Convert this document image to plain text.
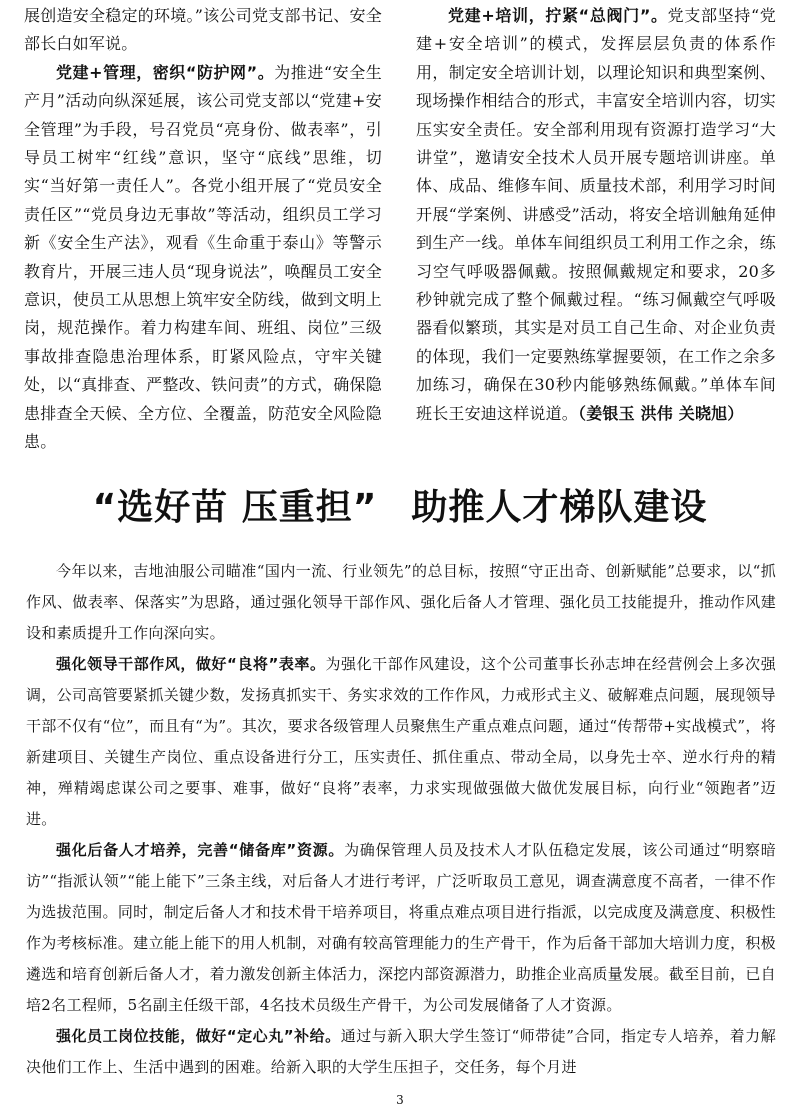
展创造安全稳定的环境。”该公司党支部书记、安全部长白如军说。

党建+管理，密织“防护网”。为推进“安全生产月”活动向纵深延展，该公司党支部以“党建+安全管理”为手段，号召党员“亮身份、做表率”，引导员工树牢“红线”意识，坚守“底线”思维，切实“当好第一责任人”。各党小组开展了“党员安全责任区”“党员身边无事故”等活动，组织员工学习新《安全生产法》，观看《生命重于泰山》等警示教育片，开展三违人员“现身说法”，唤醒员工安全意识，使员工从思想上筑牢安全防线，做到文明上岗，规范操作。着力构建车间、班组、岗位”三级事故排查隐患治理体系，盯紧风险点，守牢关键处，以“真排查、严整改、铁问责”的方式，确保隐患排查全天候、全方位、全覆盖，防范安全风险隐患。

党建+培训，拧紧“总阀门”。党支部坚持“党建+安全培训”的模式，发挥层层负责的体系作用，制定安全培训计划，以理论知识和典型案例、现场操作相结合的形式，丰富安全培训内容，切实压实安全责任。安全部利用现有资源打造学习“大讲堂”，邀请安全技术人员开展专题培训讲座。单体、成品、维修车间、质量技术部，利用学习时间开展“学案例、讲感受”活动，将安全培训触角延伸到生产一线。单体车间组织员工利用工作之余，练习空气呼吸器佩戴。按照佩戴规定和要求，20多秒钟就完成了整个佩戴过程。“练习佩戴空气呼吸器看似繁琐，其实是对员工自己生命、对企业负责的体现，我们一定要熟练掌握要领，在工作之余多加练习，确保在30秒内能够熟练佩戴。”单体车间班长王安迪这样说道。（姜银玉 洪伟 关晓旭）

“选好苗 压重担” 助推人才梯队建设

今年以来，吉地油服公司瞄准“国内一流、行业领先”的总目标，按照“守正出奇、创新赋能”总要求，以“抓作风、做表率、保落实”为思路，通过强化领导干部作风、强化后备人才管理、强化员工技能提升，推动作风建设和素质提升工作向深向实。

强化领导干部作风，做好“良将”表率。为强化干部作风建设，这个公司董事长孙志坤在经营例会上多次强调，公司高管要紧抓关键少数，发扬真抓实干、务实求效的工作作风，力戒形式主义、破解难点问题，展现领导干部不仅有“位”，而且有“为”。其次，要求各级管理人员聚焦生产重点难点问题，通过“传帮带+实战模式”，将新建项目、关键生产岗位、重点设备进行分工，压实责任、抓住重点、带动全局，以身先士卒、逆水行舟的精神，殚精竭虑谋公司之要事、难事，做好“良将”表率，力求实现做强做大做优发展目标，向行业“领跑者”迈进。

强化后备人才培养，完善“储备库”资源。为确保管理人员及技术人才队伍稳定发展，该公司通过“明察暗访”“指派认领”“能上能下”三条主线，对后备人才进行考评，广泛听取员工意见，调查满意度不高者，一律不作为选拔范围。同时，制定后备人才和技术骨干培养项目，将重点难点项目进行指派，以完成度及满意度、积极性作为考核标准。建立能上能下的用人机制，对确有较高管理能力的生产骨干，作为后备干部加大培训力度，积极遴选和培育创新后备人才，着力激发创新主体活力，深挖内部资源潜力，助推企业高质量发展。截至目前，已自培2名工程师，5名副主任级干部，4名技术员级生产骨干，为公司发展储备了人才资源。

强化员工岗位技能，做好“定心丸”补给。通过与新入职大学生签订“师带徒”合同，指定专人培养，着力解决他们工作上、生活中遇到的困难。给新入职的大学生压担子，交任务，每个月进

3
